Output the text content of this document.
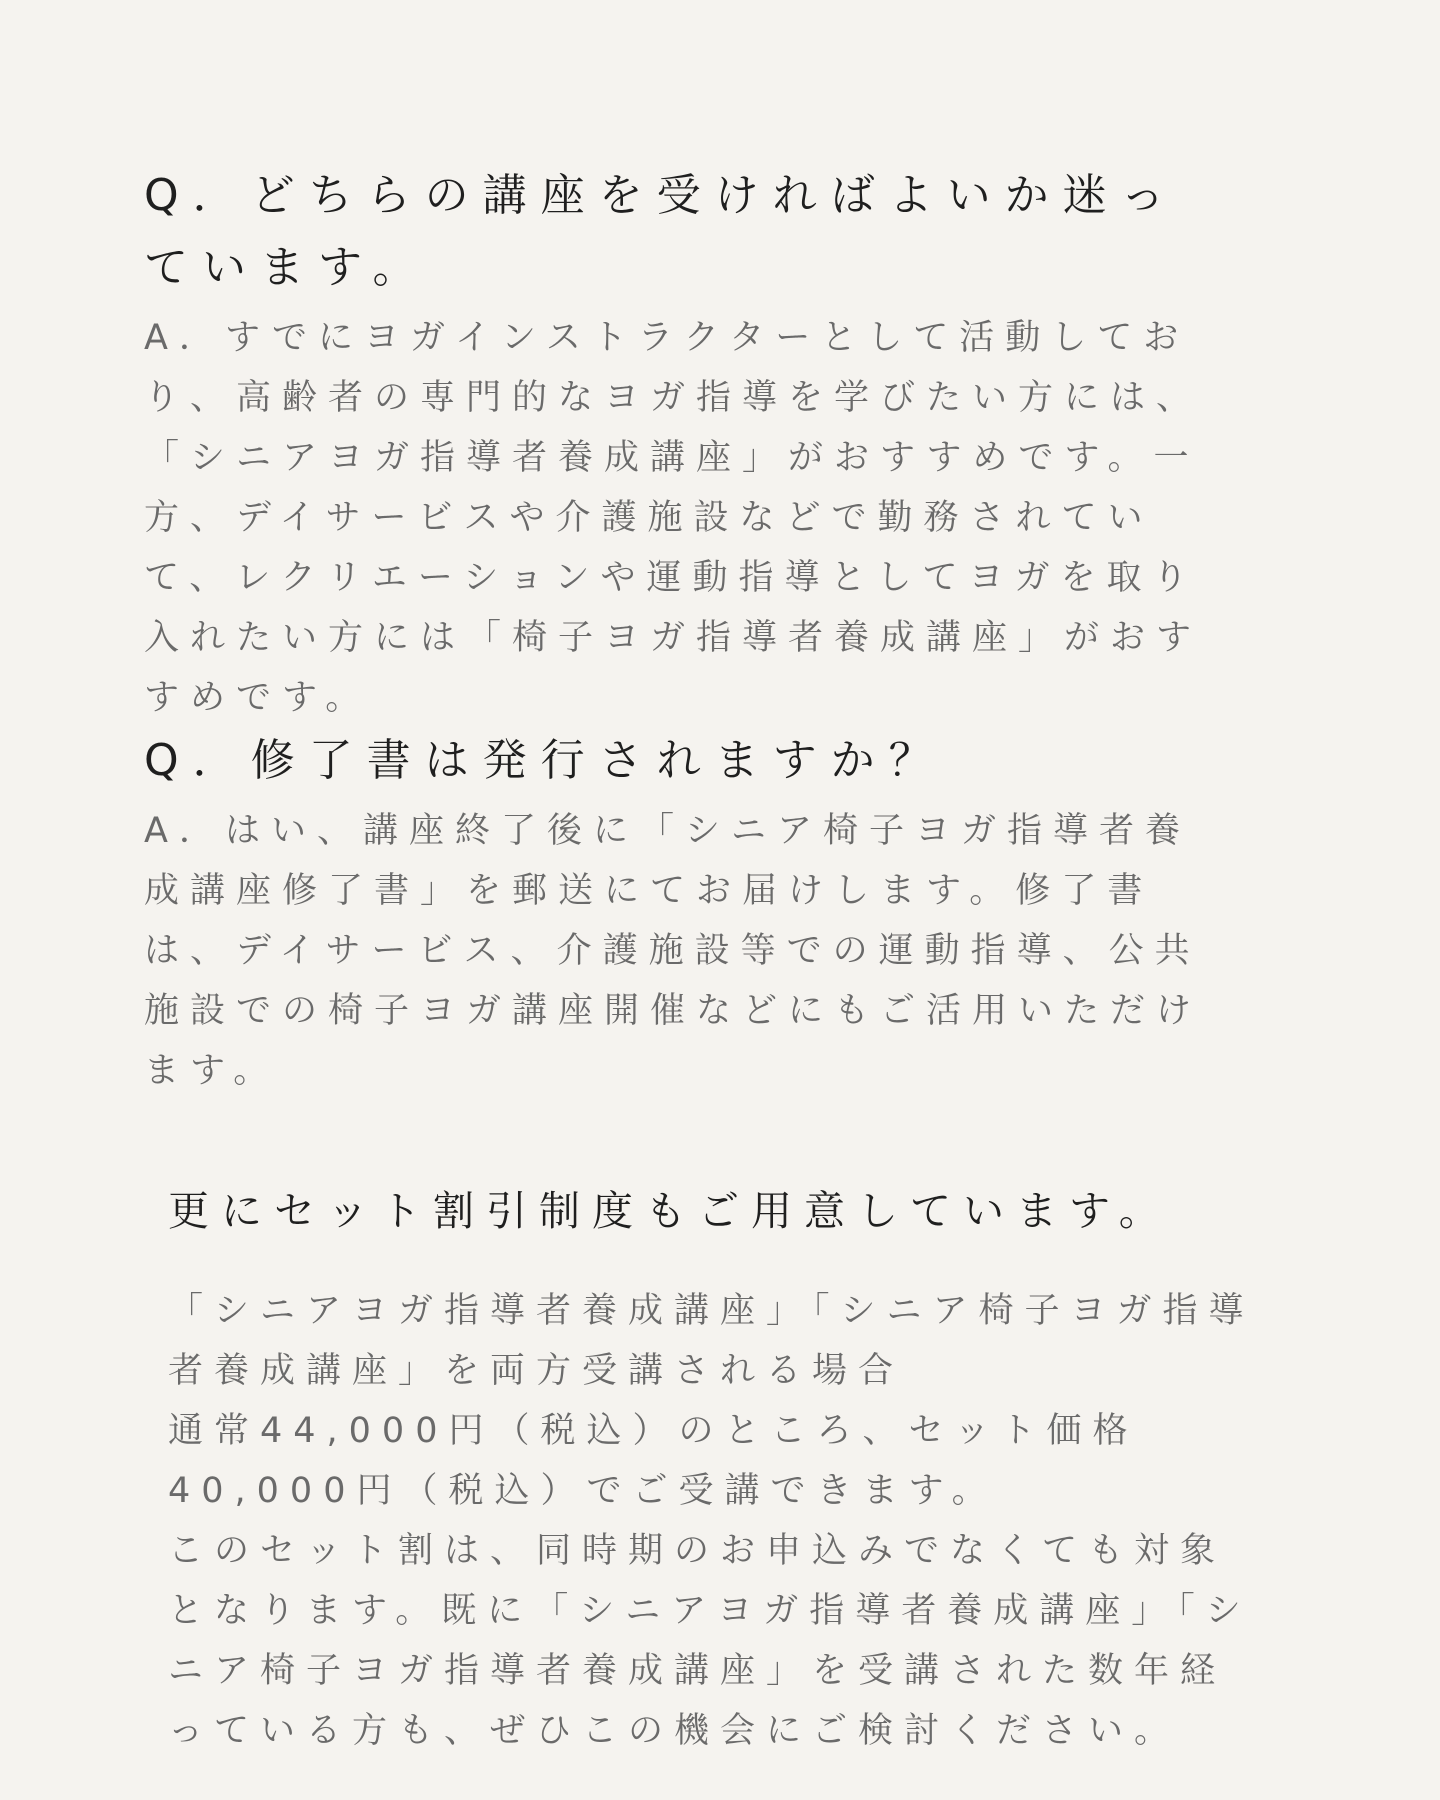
Q．どちらの講座を受ければよいか迷っています。

A．すでにヨガインストラクターとして活動しており、高齢者の専門的なヨガ指導を学びたい方には、「シニアヨガ指導者養成講座」がおすすめです。一方、デイサービスや介護施設などで勤務されていて、レクリエーションや運動指導としてヨガを取り入れたい方には「椅子ヨガ指導者養成講座」がおすすめです。

Q．修了書は発行されますか？

A．はい、講座終了後に「シニア椅子ヨガ指導者養成講座修了書」を郵送にてお届けします。修了書は、デイサービス、介護施設等での運動指導、公共施設での椅子ヨガ講座開催などにもご活用いただけます。

更にセット割引制度もご用意しています。

「シニアヨガ指導者養成講座」「シニア椅子ヨガ指導者養成講座」を両方受講される場合

通常44,000円（税込）のところ、セット価格40,000円（税込）でご受講できます。

このセット割は、同時期のお申込みでなくても対象となります。既に「シニアヨガ指導者養成講座」「シニア椅子ヨガ指導者養成講座」を受講された数年経っている方も、ぜひこの機会にご検討ください。
